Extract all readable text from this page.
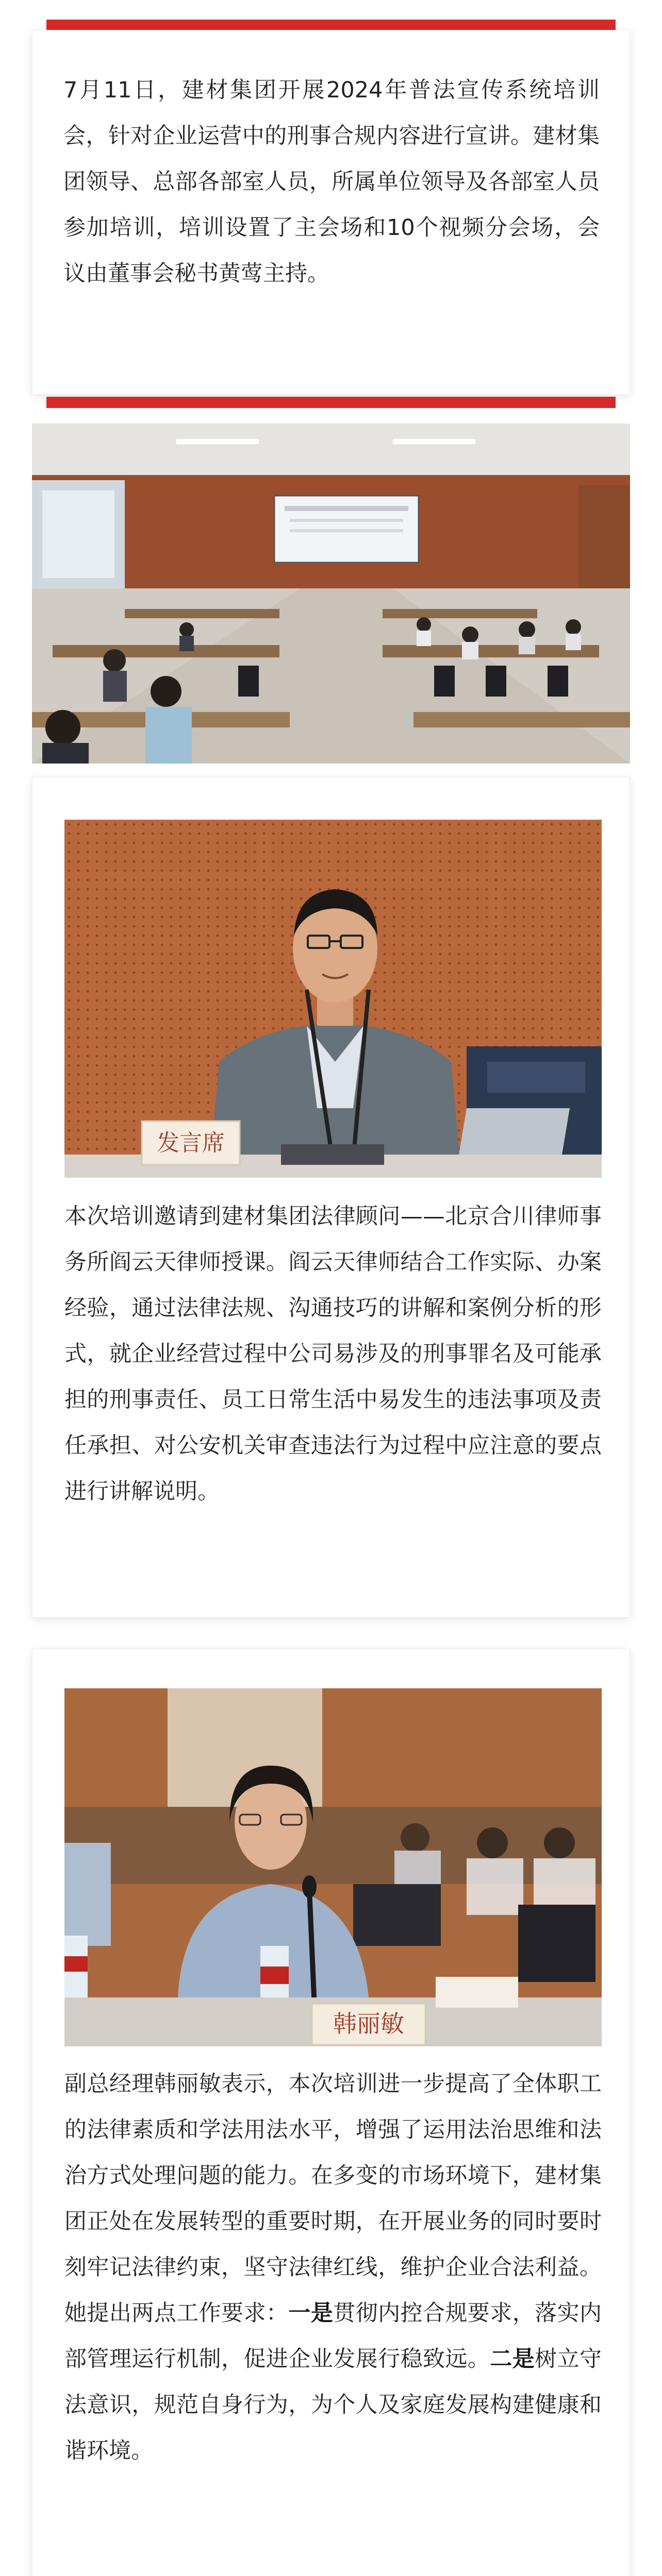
7月11日，建材集团开展2024年普法宣传系统培训会，针对企业运营中的刑事合规内容进行宣讲。建材集团领导、总部各部室人员，所属单位领导及各部室人员参加培训，培训设置了主会场和10个视频分会场，会议由董事会秘书黄莺主持。

发言席

本次培训邀请到建材集团法律顾问——北京合川律师事务所阎云天律师授课。阎云天律师结合工作实际、办案经验，通过法律法规、沟通技巧的讲解和案例分析的形式，就企业经营过程中公司易涉及的刑事罪名及可能承担的刑事责任、员工日常生活中易发生的违法事项及责任承担、对公安机关审查违法行为过程中应注意的要点进行讲解说明。

韩丽敏

副总经理韩丽敏表示，本次培训进一步提高了全体职工的法律素质和学法用法水平，增强了运用法治思维和法治方式处理问题的能力。在多变的市场环境下，建材集团正处在发展转型的重要时期，在开展业务的同时要时刻牢记法律约束，坚守法律红线，维护企业合法利益。她提出两点工作要求：一是贯彻内控合规要求，落实内部管理运行机制，促进企业发展行稳致远。二是树立守法意识，规范自身行为，为个人及家庭发展构建健康和谐环境。
